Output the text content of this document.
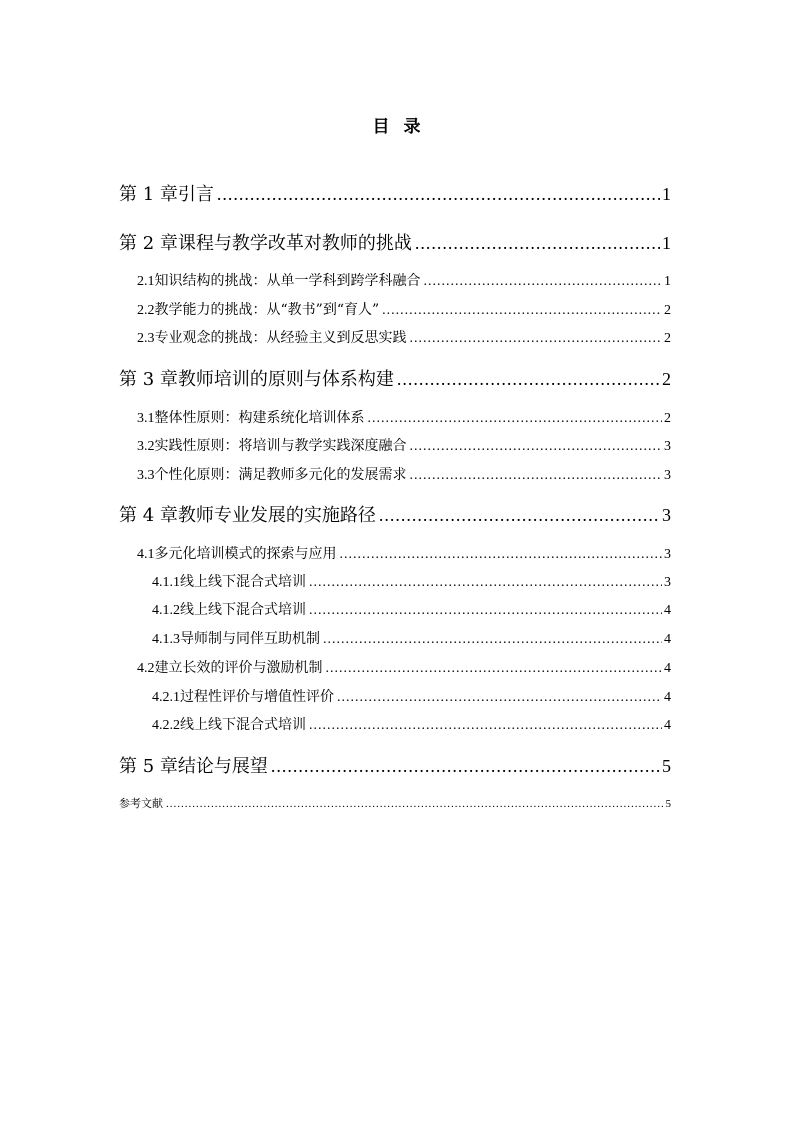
目 录
第 1 章 引言 .....	1
第 2 章 课程与教学改革对教师的挑战 .....	1
2.1 知识结构的挑战：从单一学科到跨学科融合 .....	1
2.2 教学能力的挑战：从“教书”到“育人” .....	2
2.3 专业观念的挑战：从经验主义到反思实践 .....	2
第 3 章 教师培训的原则与体系构建 .....	2
3.1 整体性原则：构建系统化培训体系 .....	2
3.2 实践性原则：将培训与教学实践深度融合 .....	3
3.3 个性化原则：满足教师多元化的发展需求 .....	3
第 4 章 教师专业发展的实施路径 .....	3
4.1 多元化培训模式的探索与应用 .....	3
4.1.1 线上线下混合式培训 .....	3
4.1.2 线上线下混合式培训 .....	4
4.1.3 导师制与同伴互助机制 .....	4
4.2 建立长效的评价与激励机制 .....	4
4.2.1 过程性评价与增值性评价 .....	4
4.2.2 线上线下混合式培训 .....	4
第 5 章 结论与展望 .....	5
参考文献 .....	5
